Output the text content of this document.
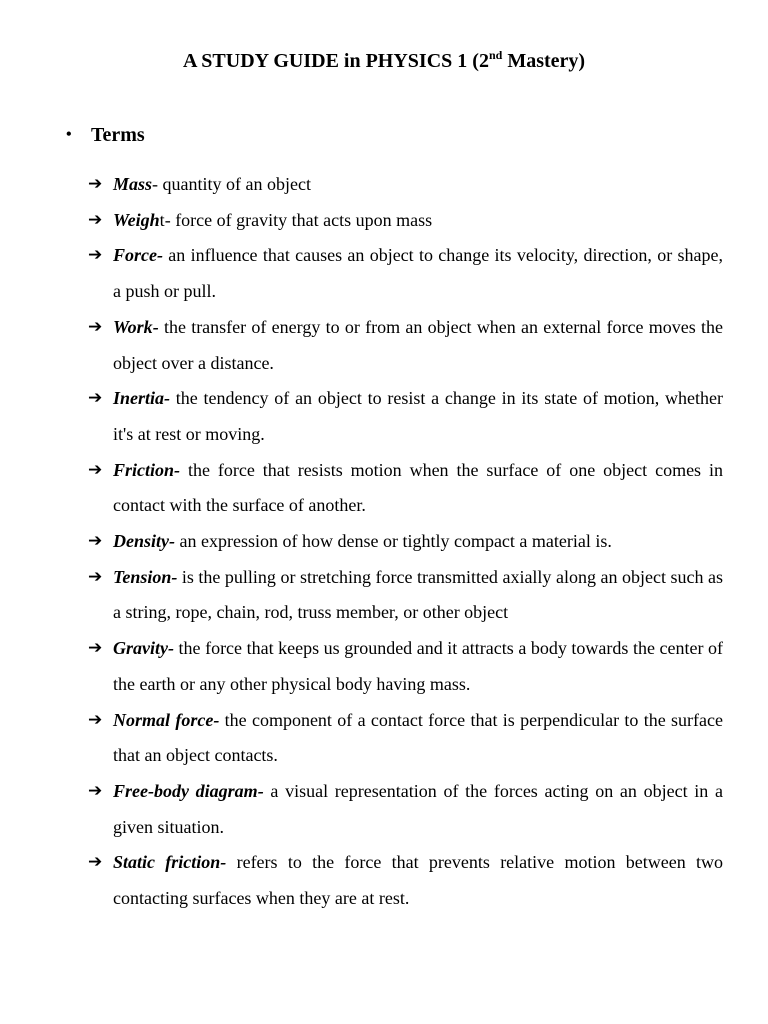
A STUDY GUIDE in PHYSICS 1 (2nd Mastery)
• Terms
➔ Mass- quantity of an object
➔ Weight- force of gravity that acts upon mass
➔ Force- an influence that causes an object to change its velocity, direction, or shape, a push or pull.
➔ Work- the transfer of energy to or from an object when an external force moves the object over a distance.
➔ Inertia- the tendency of an object to resist a change in its state of motion, whether it's at rest or moving.
➔ Friction- the force that resists motion when the surface of one object comes in contact with the surface of another.
➔ Density- an expression of how dense or tightly compact a material is.
➔ Tension- is the pulling or stretching force transmitted axially along an object such as a string, rope, chain, rod, truss member, or other object
➔ Gravity- the force that keeps us grounded and it attracts a body towards the center of the earth or any other physical body having mass.
➔ Normal force- the component of a contact force that is perpendicular to the surface that an object contacts.
➔ Free-body diagram- a visual representation of the forces acting on an object in a given situation.
➔ Static friction- refers to the force that prevents relative motion between two contacting surfaces when they are at rest.
